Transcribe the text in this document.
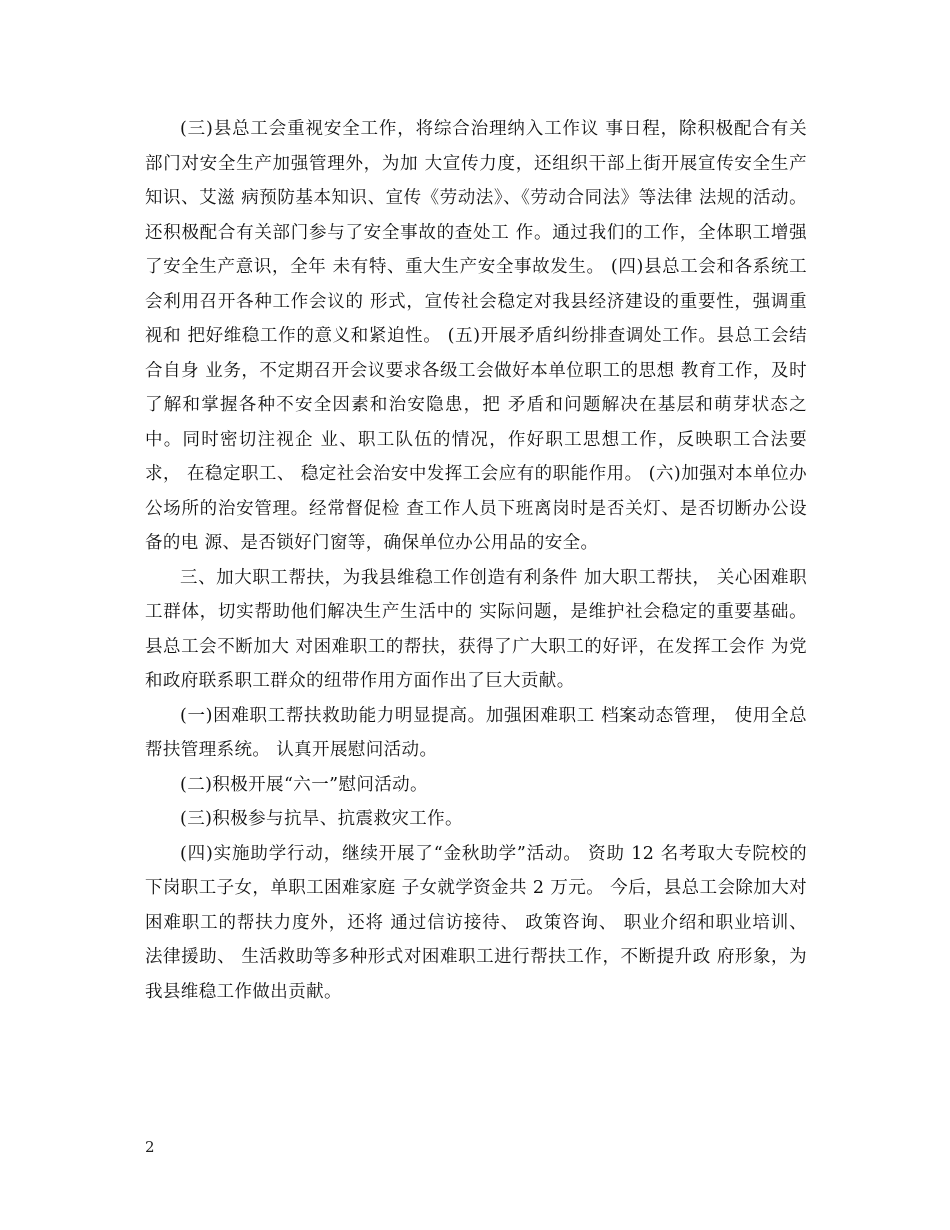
(三)县总工会重视安全工作，将综合治理纳入工作议 事日程，除积极配合有关部门对安全生产加强管理外，为加 大宣传力度，还组织干部上街开展宣传安全生产知识、艾滋 病预防基本知识、宣传《劳动法》、《劳动合同法》等法律 法规的活动。还积极配合有关部门参与了安全事故的查处工 作。通过我们的工作，全体职工增强了安全生产意识，全年 未有特、重大生产安全事故发生。 (四)县总工会和各系统工会利用召开各种工作会议的 形式，宣传社会稳定对我县经济建设的重要性，强调重视和 把好维稳工作的意义和紧迫性。 (五)开展矛盾纠纷排查调处工作。县总工会结合自身 业务，不定期召开会议要求各级工会做好本单位职工的思想 教育工作，及时了解和掌握各种不安全因素和治安隐患，把 矛盾和问题解决在基层和萌芽状态之中。同时密切注视企 业、职工队伍的情况，作好职工思想工作，反映职工合法要 求， 在稳定职工、 稳定社会治安中发挥工会应有的职能作用。 (六)加强对本单位办公场所的治安管理。经常督促检 查工作人员下班离岗时是否关灯、是否切断办公设备的电 源、是否锁好门窗等，确保单位办公用品的安全。

三、加大职工帮扶，为我县维稳工作创造有利条件 加大职工帮扶， 关心困难职工群体，切实帮助他们解决生产生活中的 实际问题，是维护社会稳定的重要基础。县总工会不断加大 对困难职工的帮扶，获得了广大职工的好评，在发挥工会作 为党和政府联系职工群众的纽带作用方面作出了巨大贡献。

(一)困难职工帮扶救助能力明显提高。加强困难职工 档案动态管理， 使用全总帮扶管理系统。 认真开展慰问活动。

(二)积极开展“六一”慰问活动。

(三)积极参与抗旱、抗震救灾工作。

(四)实施助学行动，继续开展了“金秋助学”活动。 资助 12 名考取大专院校的下岗职工子女，单职工困难家庭 子女就学资金共 2 万元。 今后，县总工会除加大对困难职工的帮扶力度外，还将 通过信访接待、 政策咨询、 职业介绍和职业培训、 法律援助、 生活救助等多种形式对困难职工进行帮扶工作，不断提升政 府形象，为我县维稳工作做出贡献。

2
